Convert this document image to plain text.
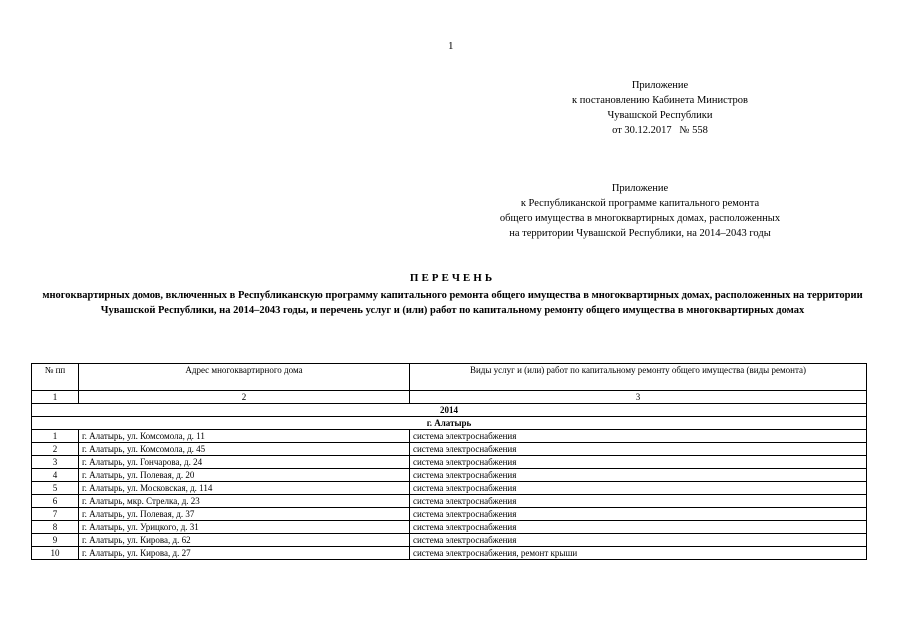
1
Приложение
к постановлению Кабинета Министров
Чувашской Республики
от 30.12.2017   № 558
Приложение
к Республиканской программе капитального ремонта
общего имущества в многоквартирных домах, расположенных
на территории Чувашской Республики, на 2014–2043 годы
ПЕРЕЧЕНЬ
многоквартирных домов, включенных в Республиканскую программу капитального ремонта общего имущества в многоквартирных домах, расположенных на территории Чувашской Республики, на 2014–2043 годы, и перечень услуг и (или) работ по капитальному ремонту общего имущества в многоквартирных домах
№ пп	Адрес многоквартирного дома	Виды услуг и (или) работ по капитальному ремонту общего имущества (виды ремонта)
1	2	3
2014		
г. Алатырь		
1	г. Алатырь, ул. Комсомола, д. 11	система электроснабжения
2	г. Алатырь, ул. Комсомола, д. 45	система электроснабжения
3	г. Алатырь, ул. Гончарова, д. 24	система электроснабжения
4	г. Алатырь, ул. Полевая, д. 20	система электроснабжения
5	г. Алатырь, ул. Московская, д. 114	система электроснабжения
6	г. Алатырь, мкр. Стрелка, д. 23	система электроснабжения
7	г. Алатырь, ул. Полевая, д. 37	система электроснабжения
8	г. Алатырь, ул. Урицкого, д. 31	система электроснабжения
9	г. Алатырь, ул. Кирова, д. 62	система электроснабжения
10	г. Алатырь, ул. Кирова, д. 27	система электроснабжения, ремонт крыши
